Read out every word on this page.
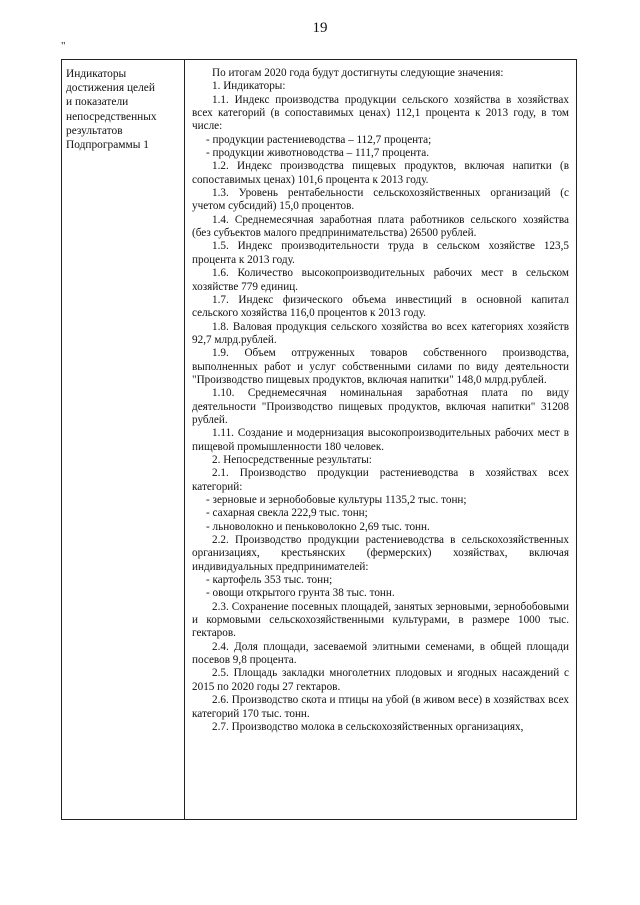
19
"
Индикаторы
достижения целей
и показатели
непосредственных
результатов
Подпрограммы 1

По итогам 2020 года будут достигнуты следующие значения:

1. Индикаторы:

1.1. Индекс производства продукции сельского хозяйства в хозяйствах всех категорий (в сопоставимых ценах) 112,1 процента к 2013 году, в том числе:

- продукции растениеводства – 112,7 процента;

- продукции животноводства – 111,7 процента.

1.2. Индекс производства пищевых продуктов, включая напитки (в сопоставимых ценах) 101,6 процента к 2013 году.

1.3. Уровень рентабельности сельскохозяйственных организаций (с учетом субсидий) 15,0 процентов.

1.4. Среднемесячная заработная плата работников сельского хозяйства (без субъектов малого предпринимательства) 26500 рублей.

1.5. Индекс производительности труда в сельском хозяйстве 123,5 процента к 2013 году.

1.6. Количество высокопроизводительных рабочих мест в сельском хозяйстве 779 единиц.

1.7. Индекс физического объема инвестиций в основной капитал сельского хозяйства 116,0 процентов к 2013 году.

1.8. Валовая продукция сельского хозяйства во всех категориях хозяйств 92,7 млрд.рублей.

1.9. Объем отгруженных товаров собственного производства, выполненных работ и услуг собственными силами по виду деятельности "Производство пищевых продуктов, включая напитки" 148,0 млрд.рублей.

1.10. Среднемесячная номинальная заработная плата по виду деятельности "Производство пищевых продуктов, включая напитки" 31208 рублей.

1.11. Создание и модернизация высокопроизводительных рабочих мест в пищевой промышленности 180 человек.

2. Непосредственные результаты:

2.1. Производство продукции растениеводства в хозяйствах всех категорий:

- зерновые и зернобобовые культуры 1135,2 тыс. тонн;

- сахарная свекла 222,9 тыс. тонн;

- льноволокно и пеньковолокно 2,69 тыс. тонн.

2.2. Производство продукции растениеводства в сельскохозяйственных организациях, крестьянских (фермерских) хозяйствах, включая индивидуальных предпринимателей:

- картофель 353 тыс. тонн;

- овощи открытого грунта 38 тыс. тонн.

2.3. Сохранение посевных площадей, занятых зерновыми, зернобобовыми и кормовыми сельскохозяйственными культурами, в размере 1000 тыс. гектаров.

2.4. Доля площади, засеваемой элитными семенами, в общей площади посевов 9,8 процента.

2.5. Площадь закладки многолетних плодовых и ягодных насаждений с 2015 по 2020 годы 27 гектаров.

2.6. Производство скота и птицы на убой (в живом весе) в хозяйствах всех категорий 170 тыс. тонн.

2.7. Производство молока в сельскохозяйственных организациях,
